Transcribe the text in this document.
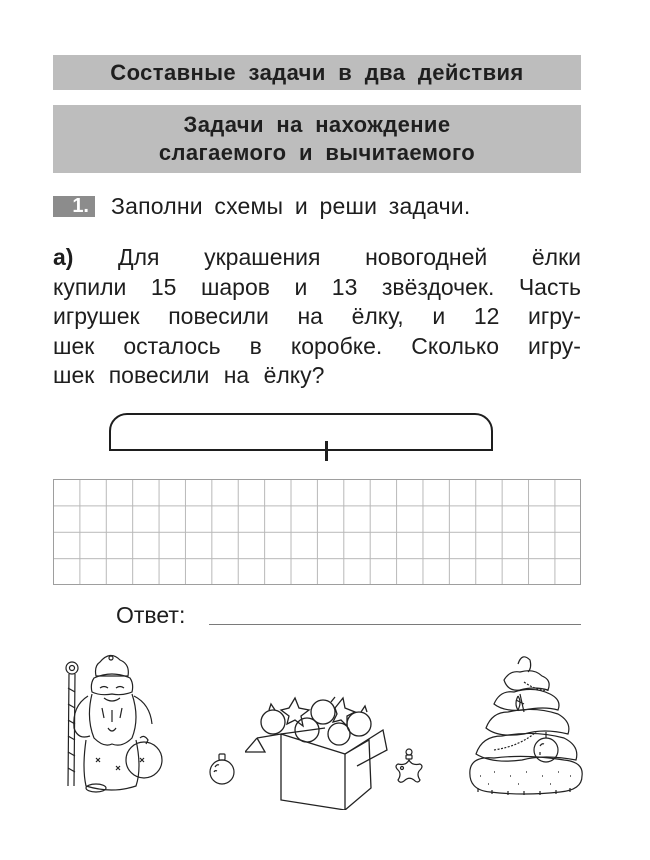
Составные задачи в два действия
Задачи на нахождение
слагаемого и вычитаемого
1. Заполни схемы и реши задачи.
а) Для украшения новогодней ёлки
купили 15 шаров и 13 звёздочек. Часть
игрушек повесили на ёлку, и 12 игру-
шек осталось в коробке. Сколько игру-
шек повесили на ёлку?
Ответ:
